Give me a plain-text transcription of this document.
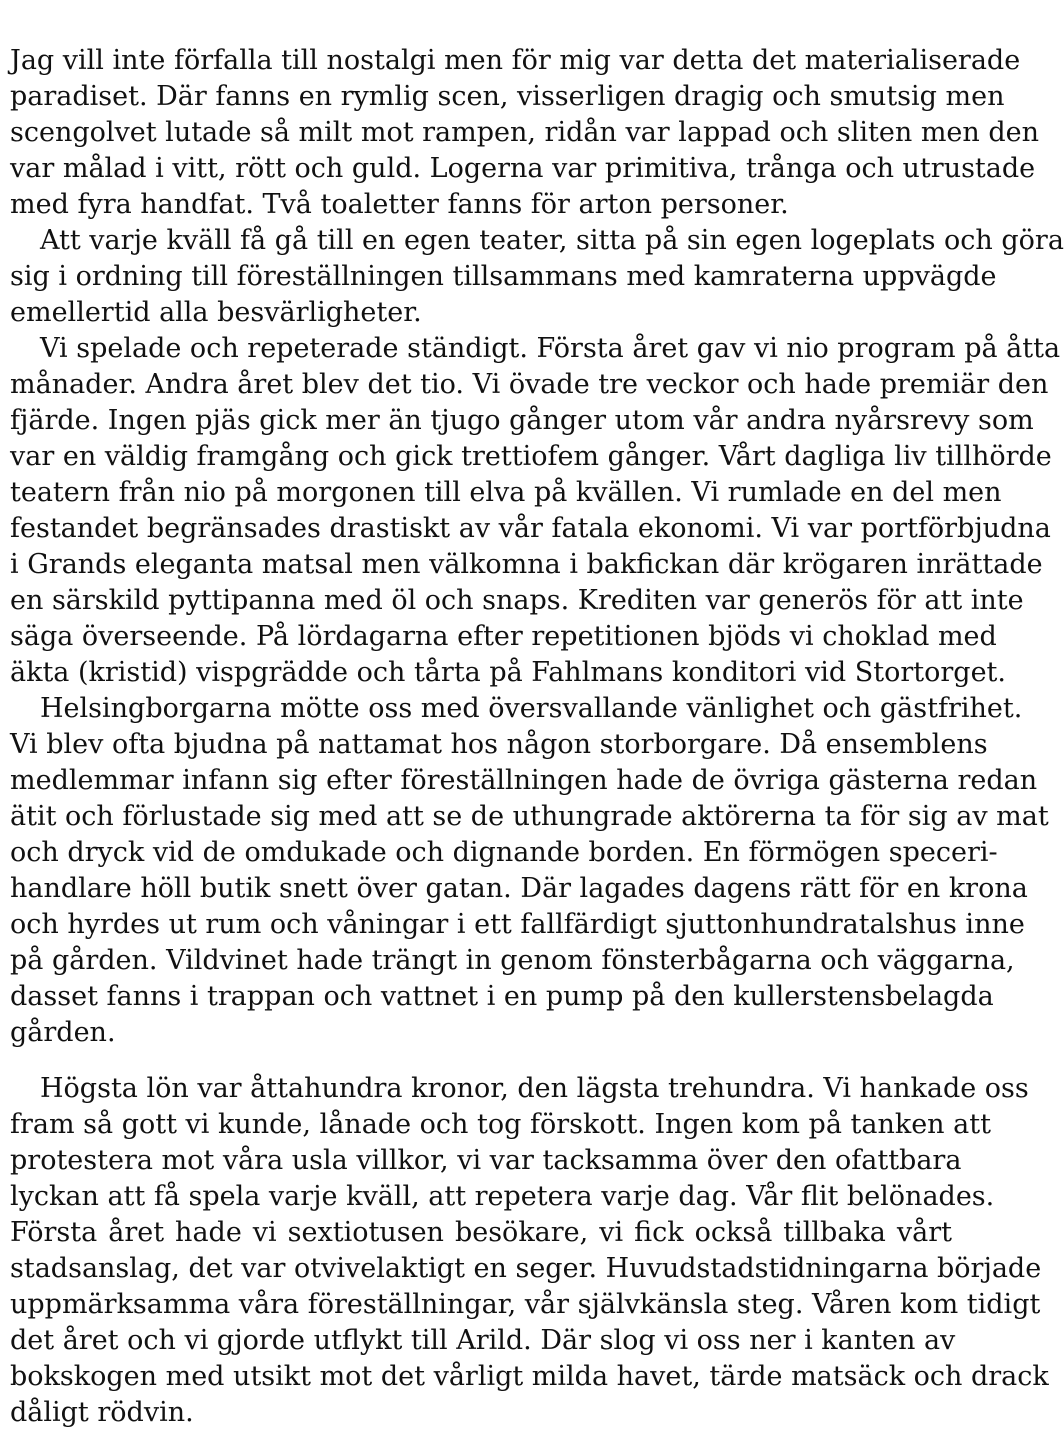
Jag vill inte förfalla till nostalgi men för mig var detta det materialiserade

paradiset. Där fanns en rymlig scen, visserligen dragig och smutsig men

scengolvet lutade så milt mot rampen, ridån var lappad och sliten men den

var målad i vitt, rött och guld. Logerna var primitiva, trånga och utrustade

med fyra handfat. Två toaletter fanns för arton personer.

Att varje kväll få gå till en egen teater, sitta på sin egen logeplats och göra

sig i ordning till föreställningen tillsammans med kamraterna uppvägde

emellertid alla besvärligheter.

Vi spelade och repeterade ständigt. Första året gav vi nio program på åtta

månader. Andra året blev det tio. Vi övade tre veckor och hade premiär den

fjärde. Ingen pjäs gick mer än tjugo gånger utom vår andra nyårsrevy som

var en väldig framgång och gick trettiofem gånger. Vårt dagliga liv tillhörde

teatern från nio på morgonen till elva på kvällen. Vi rumlade en del men

festandet begränsades drastiskt av vår fatala ekonomi. Vi var portförbjudna

i Grands eleganta matsal men välkomna i bakfickan där krögaren inrättade

en särskild pyttipanna med öl och snaps. Krediten var generös för att inte

säga överseende. På lördagarna efter repetitionen bjöds vi choklad med

äkta (kristid) vispgrädde och tårta på Fahlmans konditori vid Stortorget.

Helsingborgarna mötte oss med översvallande vänlighet och gästfrihet.

Vi blev ofta bjudna på nattamat hos någon storborgare. Då ensemblens

medlemmar infann sig efter föreställningen hade de övriga gästerna redan

ätit och förlustade sig med att se de uthungrade aktörerna ta för sig av mat

och dryck vid de omdukade och dignande borden. En förmögen speceri-

handlare höll butik snett över gatan. Där lagades dagens rätt för en krona

och hyrdes ut rum och våningar i ett fallfärdigt sjuttonhundratalshus inne

på gården. Vildvinet hade trängt in genom fönsterbågarna och väggarna,

dasset fanns i trappan och vattnet i en pump på den kullerstensbelagda

gården.

Högsta lön var åttahundra kronor, den lägsta trehundra. Vi hankade oss

fram så gott vi kunde, lånade och tog förskott. Ingen kom på tanken att

protestera mot våra usla villkor, vi var tacksamma över den ofattbara

lyckan att få spela varje kväll, att repetera varje dag. Vår flit belönades.

Första året hade vi sextiotusen besökare, vi fick också tillbaka vårt

stadsanslag, det var otvivelaktigt en seger. Huvudstadstidningarna började

uppmärksamma våra föreställningar, vår självkänsla steg. Våren kom tidigt

det året och vi gjorde utflykt till Arild. Där slog vi oss ner i kanten av

bokskogen med utsikt mot det vårligt milda havet, tärde matsäck och drack

dåligt rödvin.
